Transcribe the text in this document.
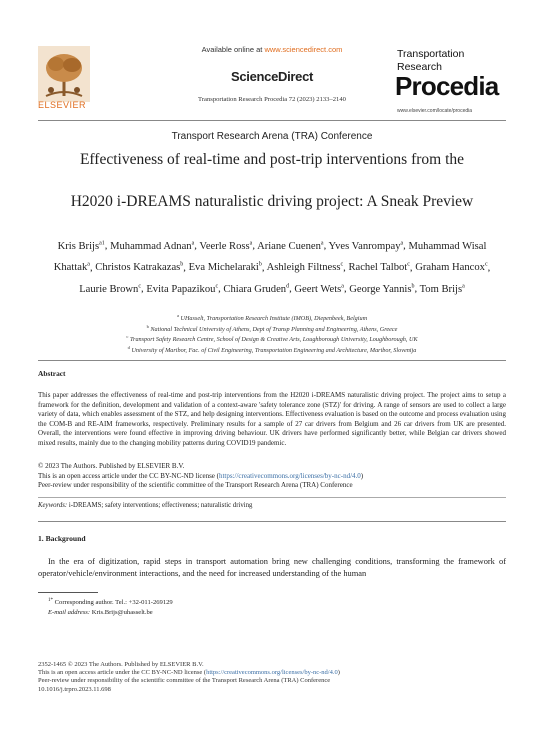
ELSEVIER
Available online at www.sciencedirect.com
ScienceDirect
Transportation Research Procedia 72 (2023) 2133–2140
Transportation
Research
Procedia
www.elsevier.com/locate/procedia
Transport Research Arena (TRA) Conference
Effectiveness of real-time and post-trip interventions from the
H2020 i-DREAMS naturalistic driving project: A Sneak Preview
Kris Brijs$^{a1}$, Muhammad Adnan$^a$, Veerle Ross$^a$, Ariane Cuenen$^a$, Yves Vanrompay$^a$, Muhammad Wisal Khattak$^a$, Christos Katrakazas$^b$, Eva Michelaraki$^b$, Ashleigh Filtness$^c$, Rachel Talbot$^c$, Graham Hancox$^c$, Laurie Brown$^c$, Evita Papazikou$^c$, Chiara Gruden$^d$, Geert Wets$^a$, George Yannis$^b$, Tom Brijs$^a$
$^a$ UHasselt, Transportation Research Institute (IMOB), Diepenbeek, Belgium
$^b$ National Technical University of Athens, Dept of Transp Planning and Engineering, Athens, Greece
$^c$ Transport Safety Research Centre, School of Design & Creative Arts, Loughborough University, Loughborough, UK
$^d$ University of Maribor, Fac. of Civil Engineering, Transportation Engineering and Architecture, Maribor, Slovenija
Abstract
This paper addresses the effectiveness of real-time and post-trip interventions from the H2020 i-DREAMS naturalistic driving project. The project aims to setup a framework for the definition, development and validation of a context-aware 'safety tolerance zone (STZ)' for driving. A range of sensors are used to collect a large variety of data, which enables assessment of the STZ, and help designing interventions. Effectiveness evaluation is based on the outcome and process evaluation using the COM-B and RE-AIM frameworks, respectively. Preliminary results for a sample of 27 car drivers from Belgium and 26 car drivers from UK are presented. Overall, the interventions were found effective in improving driving behaviour. UK drivers have performed significantly better, while Belgian car drivers showed mixed results, mainly due to the changing mobility patterns during COVID19 pandemic.
© 2023 The Authors. Published by ELSEVIER B.V.
This is an open access article under the CC BY-NC-ND license (https://creativecommons.org/licenses/by-nc-nd/4.0)
Peer-review under responsibility of the scientific committee of the Transport Research Arena (TRA) Conference
Keywords: i-DREAMS; safety interventions; effectiveness; naturalistic driving
1. Background
In the era of digitization, rapid steps in transport automation bring new challenging conditions, transforming the framework of operator/vehicle/environment interactions, and the need for increased understanding of the human
$^{1*}$ Corresponding author. Tel.: +32-011-269129
E-mail address: Kris.Brijs@uhasselt.be
2352-1465 © 2023 The Authors. Published by ELSEVIER B.V.
This is an open access article under the CC BY-NC-ND license (https://creativecommons.org/licenses/by-nc-nd/4.0)
Peer-review under responsibility of the scientific committee of the Transport Research Arena (TRA) Conference
10.1016/j.trpro.2023.11.698
